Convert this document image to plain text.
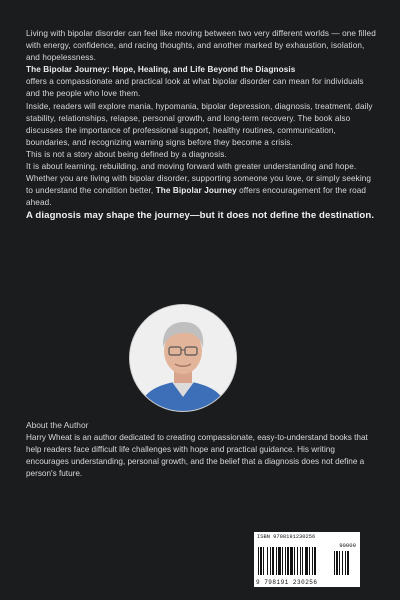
Living with bipolar disorder can feel like moving between two very different worlds — one filled with energy, confidence, and racing thoughts, and another marked by exhaustion, isolation, and hopelessness.

The Bipolar Journey: Hope, Healing, and Life Beyond the Diagnosis

offers a compassionate and practical look at what bipolar disorder can mean for individuals and the people who love them.

Inside, readers will explore mania, hypomania, bipolar depression, diagnosis, treatment, daily stability, relationships, relapse, personal growth, and long-term recovery. The book also discusses the importance of professional support, healthy routines, communication, boundaries, and recognizing warning signs before they become a crisis.

This is not a story about being defined by a diagnosis.

It is about learning, rebuilding, and moving forward with greater understanding and hope.

Whether you are living with bipolar disorder, supporting someone you love, or simply seeking to understand the condition better, The Bipolar Journey offers encouragement for the road ahead.

A diagnosis may shape the journey—but it does not define the destination.

About the Author
Harry Wheat is an author dedicated to creating compassionate, easy-to-understand books that help readers face difficult life challenges with hope and practical guidance. His writing encourages understanding, personal growth, and the belief that a diagnosis does not define a person's future.
ISBN 9798191230256
90000
9 798191 230256
